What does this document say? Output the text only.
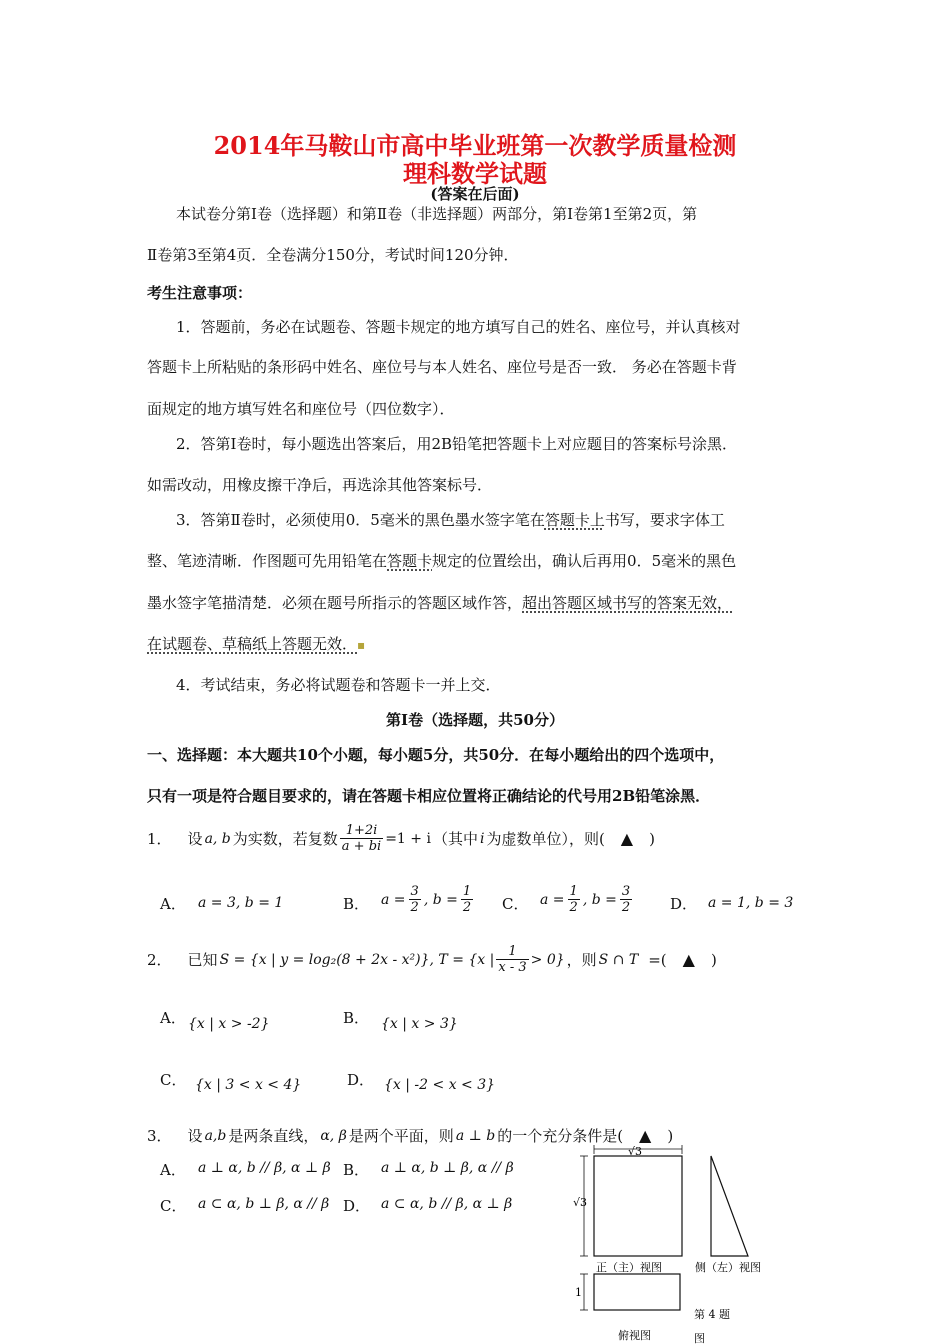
2014年马鞍山市高中毕业班第一次教学质量检测
理科数学试题
(答案在后面)
本试卷分第Ⅰ卷（选择题）和第Ⅱ卷（非选择题）两部分，第Ⅰ卷第1至第2页，第
Ⅱ卷第3至第4页．全卷满分150分，考试时间120分钟．
考生注意事项：
1．答题前，务必在试题卷、答题卡规定的地方填写自己的姓名、座位号，并认真核对
答题卡上所粘贴的条形码中姓名、座位号与本人姓名、座位号是否一致． 务必在答题卡背
面规定的地方填写姓名和座位号（四位数字）．
2．答第Ⅰ卷时，每小题选出答案后，用2B铅笔把答题卡上对应题目的答案标号涂黑．
如需改动，用橡皮擦干净后，再选涂其他答案标号．
3．答第Ⅱ卷时，必须使用0．5毫米的黑色墨水签字笔在答题卡上书写，要求字体工
整、笔迹清晰．作图题可先用铅笔在答题卡规定的位置绘出，确认后再用0．5毫米的黑色
墨水签字笔描清楚．必须在题号所指示的答题区域作答，超出答题区域书写的答案无效，
在试题卷、草稿纸上答题无效．▪
4．考试结束，务必将试题卷和答题卡一并上交．
第Ⅰ卷（选择题，共50分）
一、选择题：本大题共10个小题，每小题5分，共50分．在每小题给出的四个选项中，
只有一项是符合题目要求的，请在答题卡相应位置将正确结论的代号用2B铅笔涂黑．
1． 设 a, b 为实数，若复数 $\frac{1+2i}{a + bi} =1 + i$ （其中 i 为虚数单位），则( ▲ )
A． a = 3, b = 1	B． $a = \frac{3}{2}$ , $b = \frac{1}{2}$ C． $a = \frac{1}{2}$ , $b = \frac{3}{2}$	D． a = 1, b = 3
2． 已知 S = {x | y = log₂(8 + 2x - x²)}, T = {x | $\frac{1}{x - 3} > 0$} ，则 S ∩ T =( ▲ )
A． {x | x > -2}	B． {x | x > 3}
C． {x | 3 < x < 4}	D． {x | -2 < x < 3}
3． 设 a,b 是两条直线， α, β 是两个平面，则 a ⊥ b 的一个充分条件是( ▲ )
A． a ⊥ α, b // β, α ⊥ β B． a ⊥ α, b ⊥ β, α // β
C． a ⊂ α, b ⊥ β, α // β D． a ⊂ α, b // β, α ⊥ β
√3
√3
正（主）视图	侧（左）视图
1
俯视图
第 4 题
图
